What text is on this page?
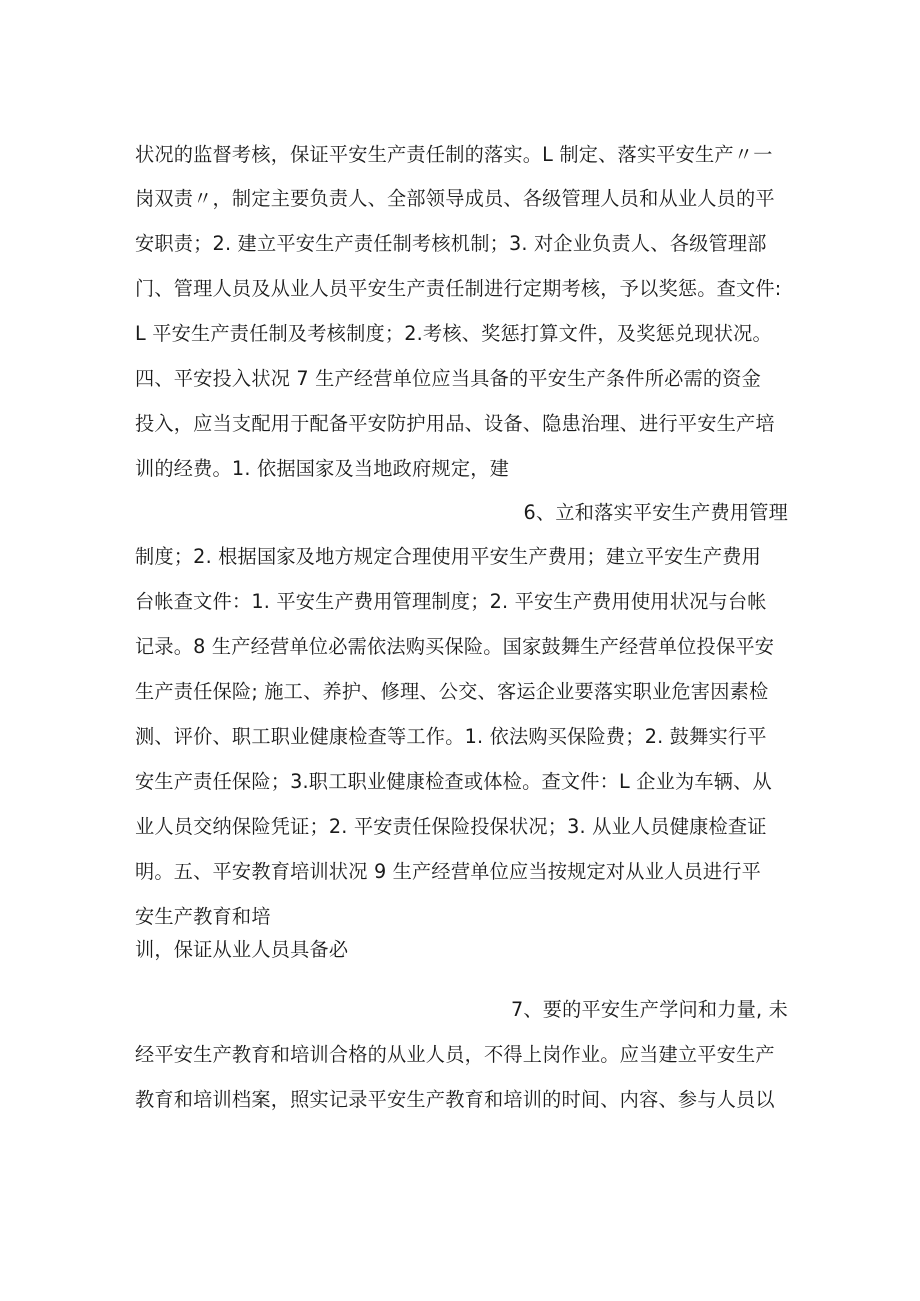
状况的监督考核，保证平安生产责任制的落实。L 制定、落实平安生产〃一
岗双责〃，制定主要负责人、全部领导成员、各级管理人员和从业人员的平
安职责；2. 建立平安生产责任制考核机制；3. 对企业负责人、各级管理部
门、管理人员及从业人员平安生产责任制进行定期考核，予以奖惩。查文件:
L 平安生产责任制及考核制度；2.考核、奖惩打算文件，及奖惩兑现状况。
四、平安投入状况 7 生产经营单位应当具备的平安生产条件所必需的资金
投入，应当支配用于配备平安防护用品、设备、隐患治理、进行平安生产培
训的经费。1. 依据国家及当地政府规定，建
6、立和落实平安生产费用管理
制度；2. 根据国家及地方规定合理使用平安生产费用；建立平安生产费用
台帐查文件：1. 平安生产费用管理制度；2. 平安生产费用使用状况与台帐
记录。8 生产经营单位必需依法购买保险。国家鼓舞生产经营单位投保平安
生产责任保险; 施工、养护、修理、公交、客运企业要落实职业危害因素检
测、评价、职工职业健康检查等工作。1. 依法购买保险费；2. 鼓舞实行平
安生产责任保险；3.职工职业健康检查或体检。查文件：L 企业为车辆、从
业人员交纳保险凭证；2. 平安责任保险投保状况；3. 从业人员健康检查证
明。五、平安教育培训状况 9 生产经营单位应当按规定对从业人员进行平
安生产教育和培
训，保证从业人员具备必
7、要的平安生产学问和力量, 未
经平安生产教育和培训合格的从业人员，不得上岗作业。应当建立平安生产
教育和培训档案，照实记录平安生产教育和培训的时间、内容、参与人员以
